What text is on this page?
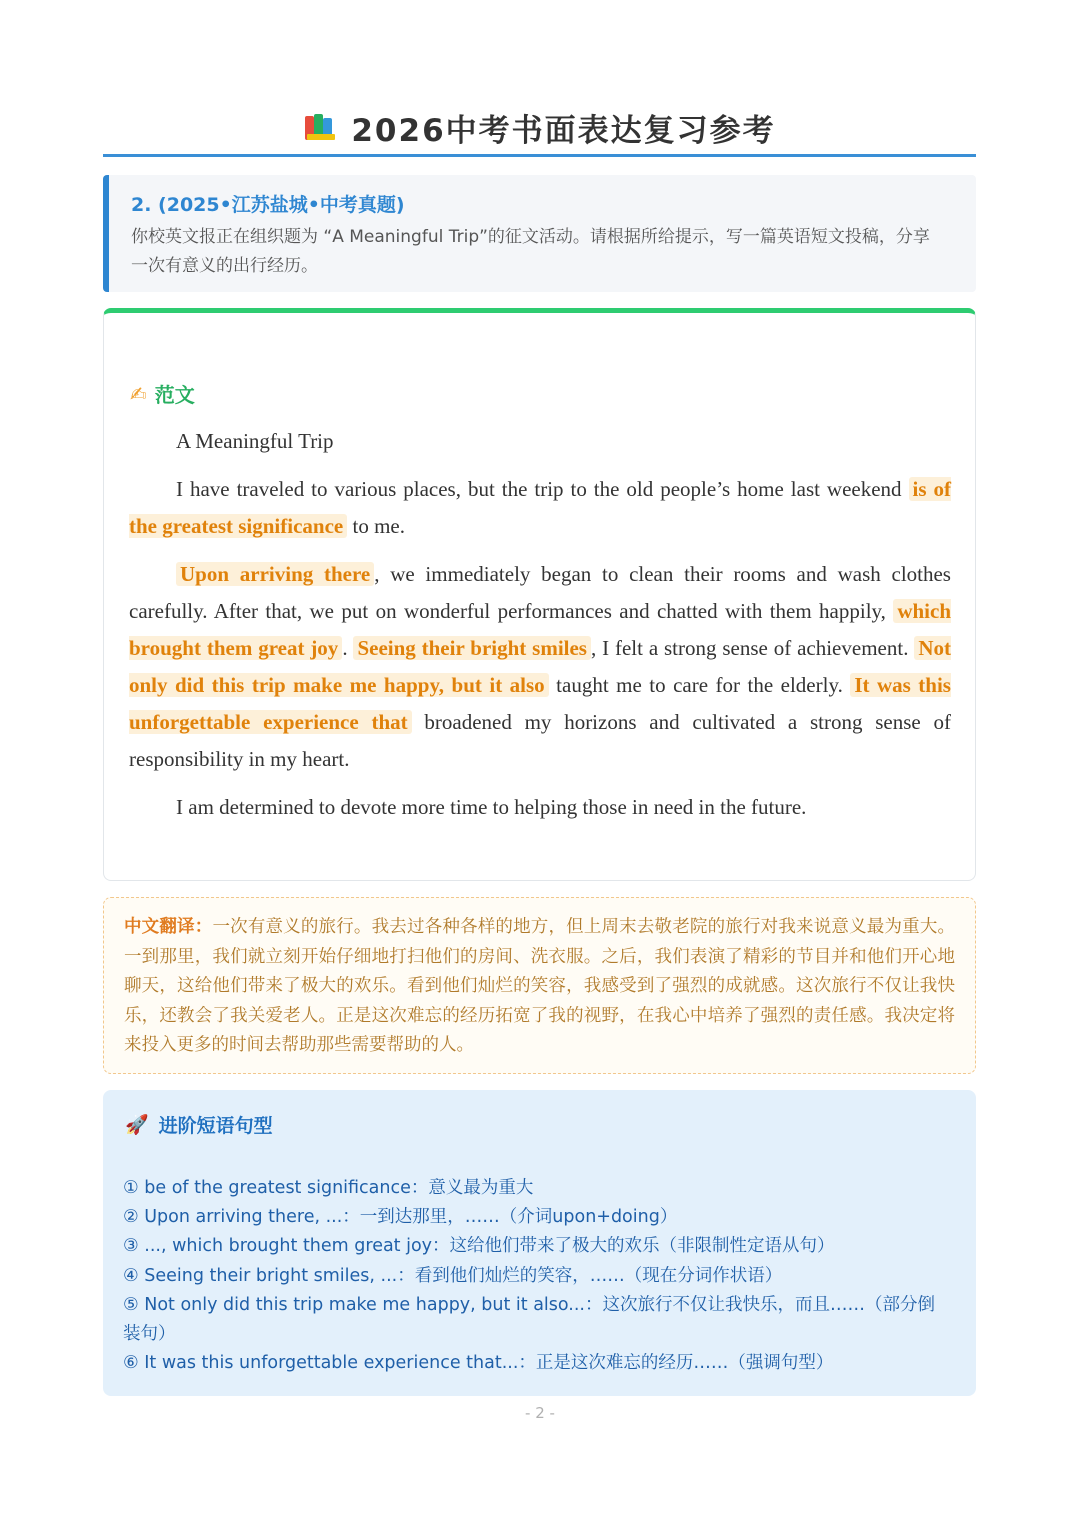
2026中考书面表达复习参考
2. (2025•江苏盐城•中考真题)
你校英文报正在组织题为 “A Meaningful Trip”的征文活动。请根据所给提示，写一篇英语短文投稿，分享一次有意义的出行经历。
✍ 范文

A Meaningful Trip

I have traveled to various places, but the trip to the old people’s home last weekend is of the greatest significance to me.

Upon arriving there , we immediately began to clean their rooms and wash clothes carefully. After that, we put on wonderful performances and chatted with them happily, which brought them great joy . Seeing their bright smiles , I felt a strong sense of achievement. Not only did this trip make me happy, but it also taught me to care for the elderly. It was this unforgettable experience that broadened my horizons and cultivated a strong sense of responsibility in my heart.

I am determined to devote more time to helping those in need in the future.

中文翻译：一次有意义的旅行。我去过各种各样的地方，但上周末去敬老院的旅行对我来说意义最为重大。一到那里，我们就立刻开始仔细地打扫他们的房间、洗衣服。之后，我们表演了精彩的节目并和他们开心地聊天，这给他们带来了极大的欢乐。看到他们灿烂的笑容，我感受到了强烈的成就感。这次旅行不仅让我快乐，还教会了我关爱老人。正是这次难忘的经历拓宽了我的视野，在我心中培养了强烈的责任感。我决定将来投入更多的时间去帮助那些需要帮助的人。
🚀 进阶短语句型
① be of the greatest significance：意义最为重大
② Upon arriving there, ...：一到达那里，……（介词upon+doing）
③ ..., which brought them great joy：这给他们带来了极大的欢乐（非限制性定语从句）
④ Seeing their bright smiles, ...：看到他们灿烂的笑容，……（现在分词作状语）
⑤ Not only did this trip make me happy, but it also...：这次旅行不仅让我快乐，而且……（部分倒装句）
⑥ It was this unforgettable experience that...：正是这次难忘的经历……（强调句型）
- 2 -
